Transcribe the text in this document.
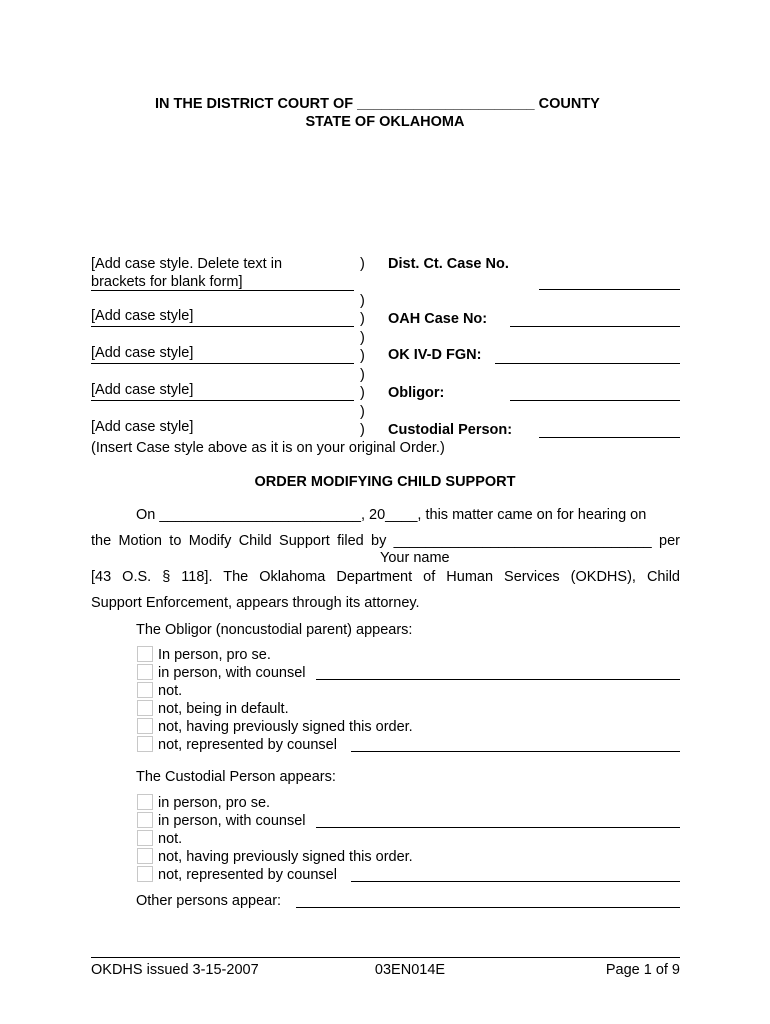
IN THE DISTRICT COURT OF ______________________ COUNTY
STATE OF OKLAHOMA
[Add case style. Delete text in
brackets for blank form]
[Add case style]
[Add case style]
[Add case style]
[Add case style]
(Insert Case style above as it is on your original Order.)
)
)
)
)
)
)
)
)
)
Dist. Ct. Case No.
OAH Case No:
OK IV-D FGN:
Obligor:
Custodial Person:
ORDER MODIFYING CHILD SUPPORT
On _________________________, 20____, this matter came on for hearing on
the Motion to Modify Child Support filed by ________________________________ per
Your name
[43 O.S. § 118]. The Oklahoma Department of Human Services (OKDHS), Child
Support Enforcement, appears through its attorney.
The Obligor (noncustodial parent) appears:
In person, pro se.
in person, with counsel
not.
not, being in default.
not, having previously signed this order.
not, represented by counsel
The Custodial Person appears:
in person, pro se.
in person, with counsel
not.
not, having previously signed this order.
not, represented by counsel
Other persons appear:
OKDHS issued 3-15-2007	03EN014E	Page 1 of 9
